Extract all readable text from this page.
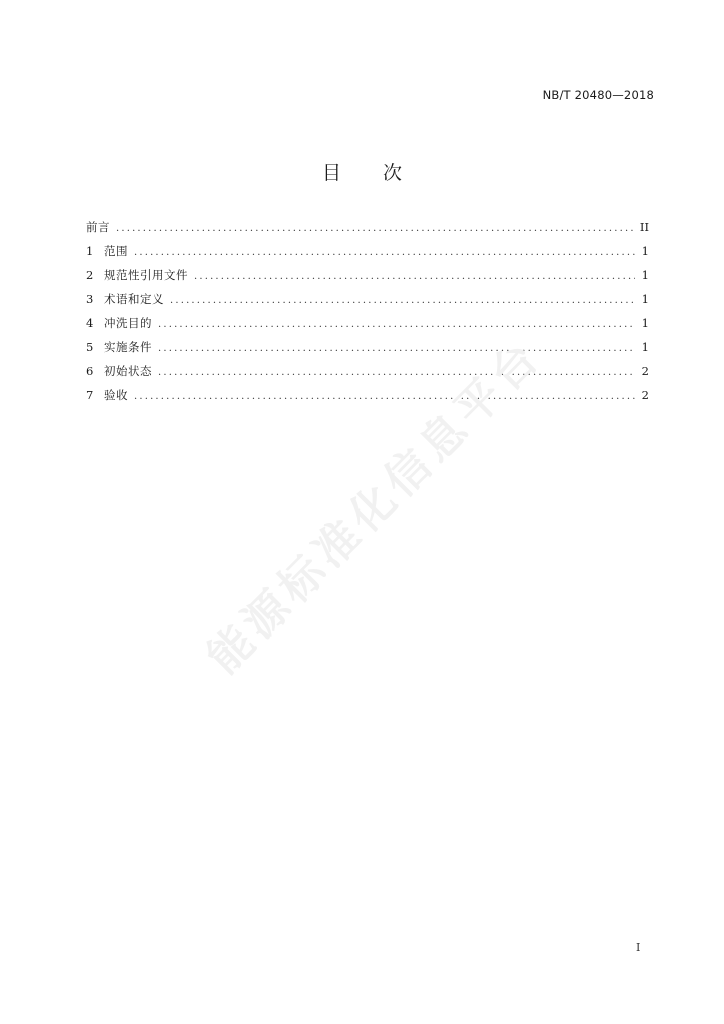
NB/T 20480—2018
目 次
前言 . . .	II
1 范围 . . .	1
2 规范性引用文件 . . .	1
3 术语和定义 . . .	1
4 冲洗目的 . . .	1
5 实施条件 . . .	1
6 初始状态 . . .	2
7 验收 . . .	2
能源标准化信息平台
I
